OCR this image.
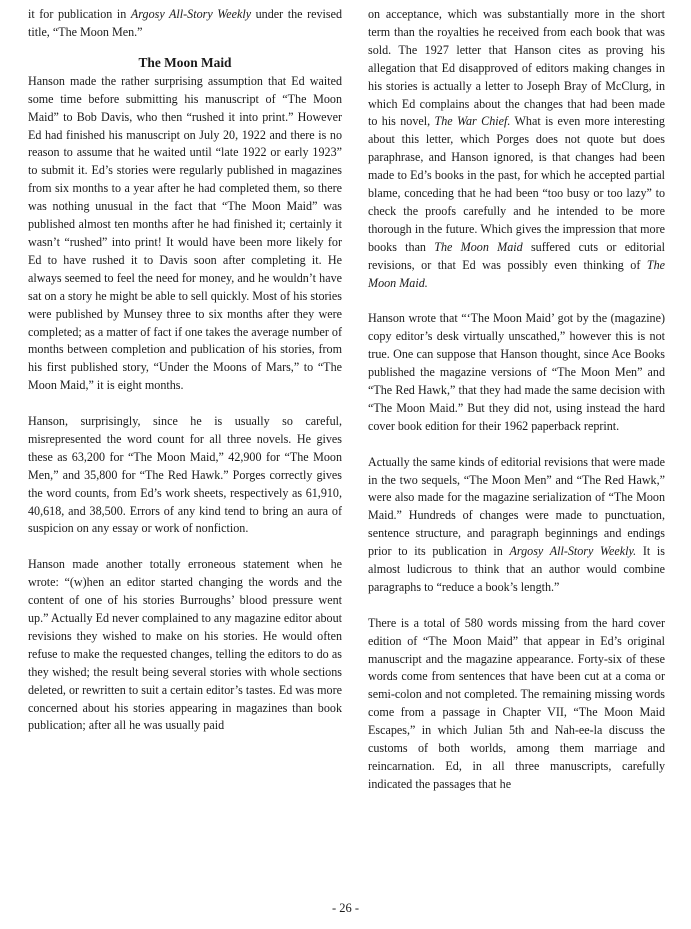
it for publication in Argosy All-Story Weekly under the revised title, “The Moon Men.”

The Moon Maid

Hanson made the rather surprising assumption that Ed waited some time before submitting his manuscript of “The Moon Maid” to Bob Davis, who then “rushed it into print.” However Ed had finished his manuscript on July 20, 1922 and there is no reason to assume that he waited until “late 1922 or early 1923” to submit it. Ed’s stories were regularly published in magazines from six months to a year after he had completed them, so there was nothing unusual in the fact that “The Moon Maid” was published almost ten months after he had finished it; certainly it wasn’t “rushed” into print! It would have been more likely for Ed to have rushed it to Davis soon after completing it. He always seemed to feel the need for money, and he wouldn’t have sat on a story he might be able to sell quickly. Most of his stories were published by Munsey three to six months after they were completed; as a matter of fact if one takes the average number of months between completion and publication of his stories, from his first published story, “Under the Moons of Mars,” to “The Moon Maid,” it is eight months.

Hanson, surprisingly, since he is usually so careful, misrepresented the word count for all three novels. He gives these as 63,200 for “The Moon Maid,” 42,900 for “The Moon Men,” and 35,800 for “The Red Hawk.” Porges correctly gives the word counts, from Ed’s work sheets, respectively as 61,910, 40,618, and 38,500. Errors of any kind tend to bring an aura of suspicion on any essay or work of nonfiction.

Hanson made another totally erroneous statement when he wrote: “(w)hen an editor started changing the words and the content of one of his stories Burroughs’ blood pressure went up.” Actually Ed never complained to any magazine editor about revisions they wished to make on his stories. He would often refuse to make the requested changes, telling the editors to do as they wished; the result being several stories with whole sections deleted, or rewritten to suit a certain editor’s tastes. Ed was more concerned about his stories appearing in magazines than book publication; after all he was usually paid

on acceptance, which was substantially more in the short term than the royalties he received from each book that was sold. The 1927 letter that Hanson cites as proving his allegation that Ed disapproved of editors making changes in his stories is actually a letter to Joseph Bray of McClurg, in which Ed complains about the changes that had been made to his novel, The War Chief. What is even more interesting about this letter, which Porges does not quote but does paraphrase, and Hanson ignored, is that changes had been made to Ed’s books in the past, for which he accepted partial blame, conceding that he had been “too busy or too lazy” to check the proofs carefully and he intended to be more thorough in the future. Which gives the impression that more books than The Moon Maid suffered cuts or editorial revisions, or that Ed was possibly even thinking of The Moon Maid.

Hanson wrote that “‘The Moon Maid’ got by the (magazine) copy editor’s desk virtually unscathed,” however this is not true. One can suppose that Hanson thought, since Ace Books published the magazine versions of “The Moon Men” and “The Red Hawk,” that they had made the same decision with “The Moon Maid.” But they did not, using instead the hard cover book edition for their 1962 paperback reprint.

Actually the same kinds of editorial revisions that were made in the two sequels, “The Moon Men” and “The Red Hawk,” were also made for the magazine serialization of “The Moon Maid.” Hundreds of changes were made to punctuation, sentence structure, and paragraph beginnings and endings prior to its publication in Argosy All-Story Weekly. It is almost ludicrous to think that an author would combine paragraphs to “reduce a book’s length.”

There is a total of 580 words missing from the hard cover edition of “The Moon Maid” that appear in Ed’s original manuscript and the magazine appearance. Forty-six of these words come from sentences that have been cut at a coma or semi-colon and not completed. The remaining missing words come from a passage in Chapter VII, “The Moon Maid Escapes,” in which Julian 5th and Nah-ee-la discuss the customs of both worlds, among them marriage and reincarnation. Ed, in all three manuscripts, carefully indicated the passages that he

- 26 -
